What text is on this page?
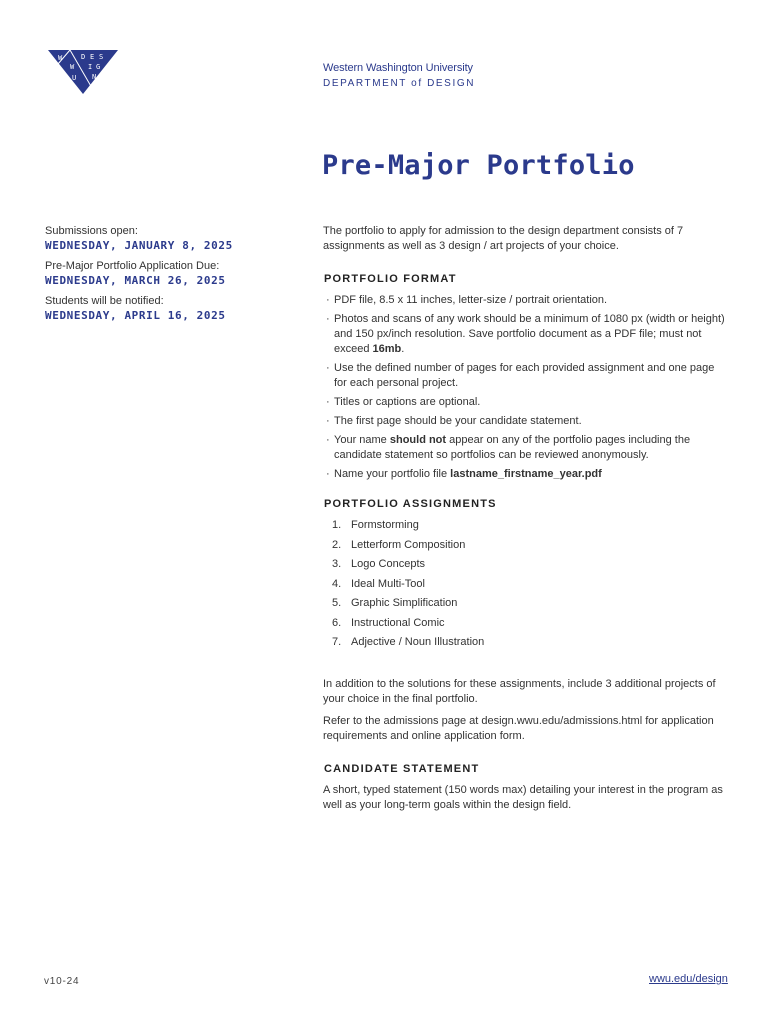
W	D E S
W I G
U N
Western Washington University
DEPARTMENT of DESIGN
Pre-Major Portfolio
Submissions open:
WEDNESDAY, JANUARY 8, 2025
Pre-Major Portfolio Application Due:
WEDNESDAY, MARCH 26, 2025
Students will be notified:
WEDNESDAY, APRIL 16, 2025

The portfolio to apply for admission to the design department consists of 7 assignments as well as 3 design / art projects of your choice.

PORTFOLIO FORMAT
· PDF file, 8.5 x 11 inches, letter-size / portrait orientation.
· Photos and scans of any work should be a minimum of 1080 px (width or height) and 150 px/inch resolution. Save portfolio document as a PDF file; must not exceed 16mb.
· Use the defined number of pages for each provided assignment and one page for each personal project.
· Titles or captions are optional.
· The first page should be your candidate statement.
· Your name should not appear on any of the portfolio pages including the candidate statement so portfolios can be reviewed anonymously.
· Name your portfolio file lastname_firstname_year.pdf
PORTFOLIO ASSIGNMENTS
1. Formstorming
2. Letterform Composition
3. Logo Concepts
4. Ideal Multi-Tool
5. Graphic Simplification
6. Instructional Comic
7. Adjective / Noun Illustration

In addition to the solutions for these assignments, include 3 additional projects of your choice in the final portfolio.

Refer to the admissions page at design.wwu.edu/admissions.html for application requirements and online application form.

CANDIDATE STATEMENT

A short, typed statement (150 words max) detailing your interest in the program as well as your long-term goals within the design field.

v10-24	wwu.edu/design
